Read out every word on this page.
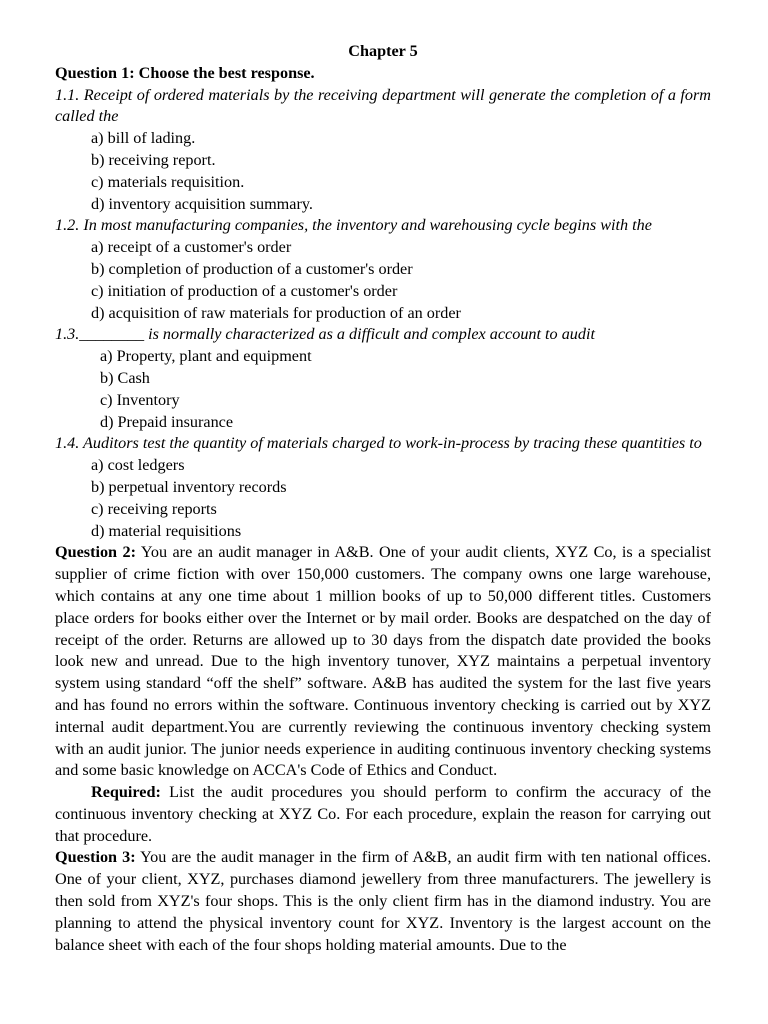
Chapter 5
Question 1: Choose the best response.
1.1. Receipt of ordered materials by the receiving department will generate the completion of a form called the
a) bill of lading.
b) receiving report.
c) materials requisition.
d) inventory acquisition summary.
1.2. In most manufacturing companies, the inventory and warehousing cycle begins with the
a) receipt of a customer's order
b) completion of production of a customer's order
c) initiation of production of a customer's order
d) acquisition of raw materials for production of an order
1.3.________ is normally characterized as a difficult and complex account to audit
a) Property, plant and equipment
b) Cash
c) Inventory
d) Prepaid insurance
1.4. Auditors test the quantity of materials charged to work-in-process by tracing these quantities to
a) cost ledgers
b) perpetual inventory records
c) receiving reports
d) material requisitions
Question 2: You are an audit manager in A&B. One of your audit clients, XYZ Co, is a specialist supplier of crime fiction with over 150,000 customers. The company owns one large warehouse, which contains at any one time about 1 million books of up to 50,000 different titles. Customers place orders for books either over the Internet or by mail order. Books are despatched on the day of receipt of the order. Returns are allowed up to 30 days from the dispatch date provided the books look new and unread. Due to the high inventory tunover, XYZ maintains a perpetual inventory system using standard “off the shelf” software. A&B has audited the system for the last five years and has found no errors within the software. Continuous inventory checking is carried out by XYZ internal audit department.You are currently reviewing the continuous inventory checking system with an audit junior. The junior needs experience in auditing continuous inventory checking systems and some basic knowledge on ACCA's Code of Ethics and Conduct.
Required: List the audit procedures you should perform to confirm the accuracy of the continuous inventory checking at XYZ Co. For each procedure, explain the reason for carrying out that procedure.
Question 3: You are the audit manager in the firm of A&B, an audit firm with ten national offices. One of your client, XYZ, purchases diamond jewellery from three manufacturers. The jewellery is then sold from XYZ's four shops. This is the only client firm has in the diamond industry. You are planning to attend the physical inventory count for XYZ. Inventory is the largest account on the balance sheet with each of the four shops holding material amounts. Due to the
